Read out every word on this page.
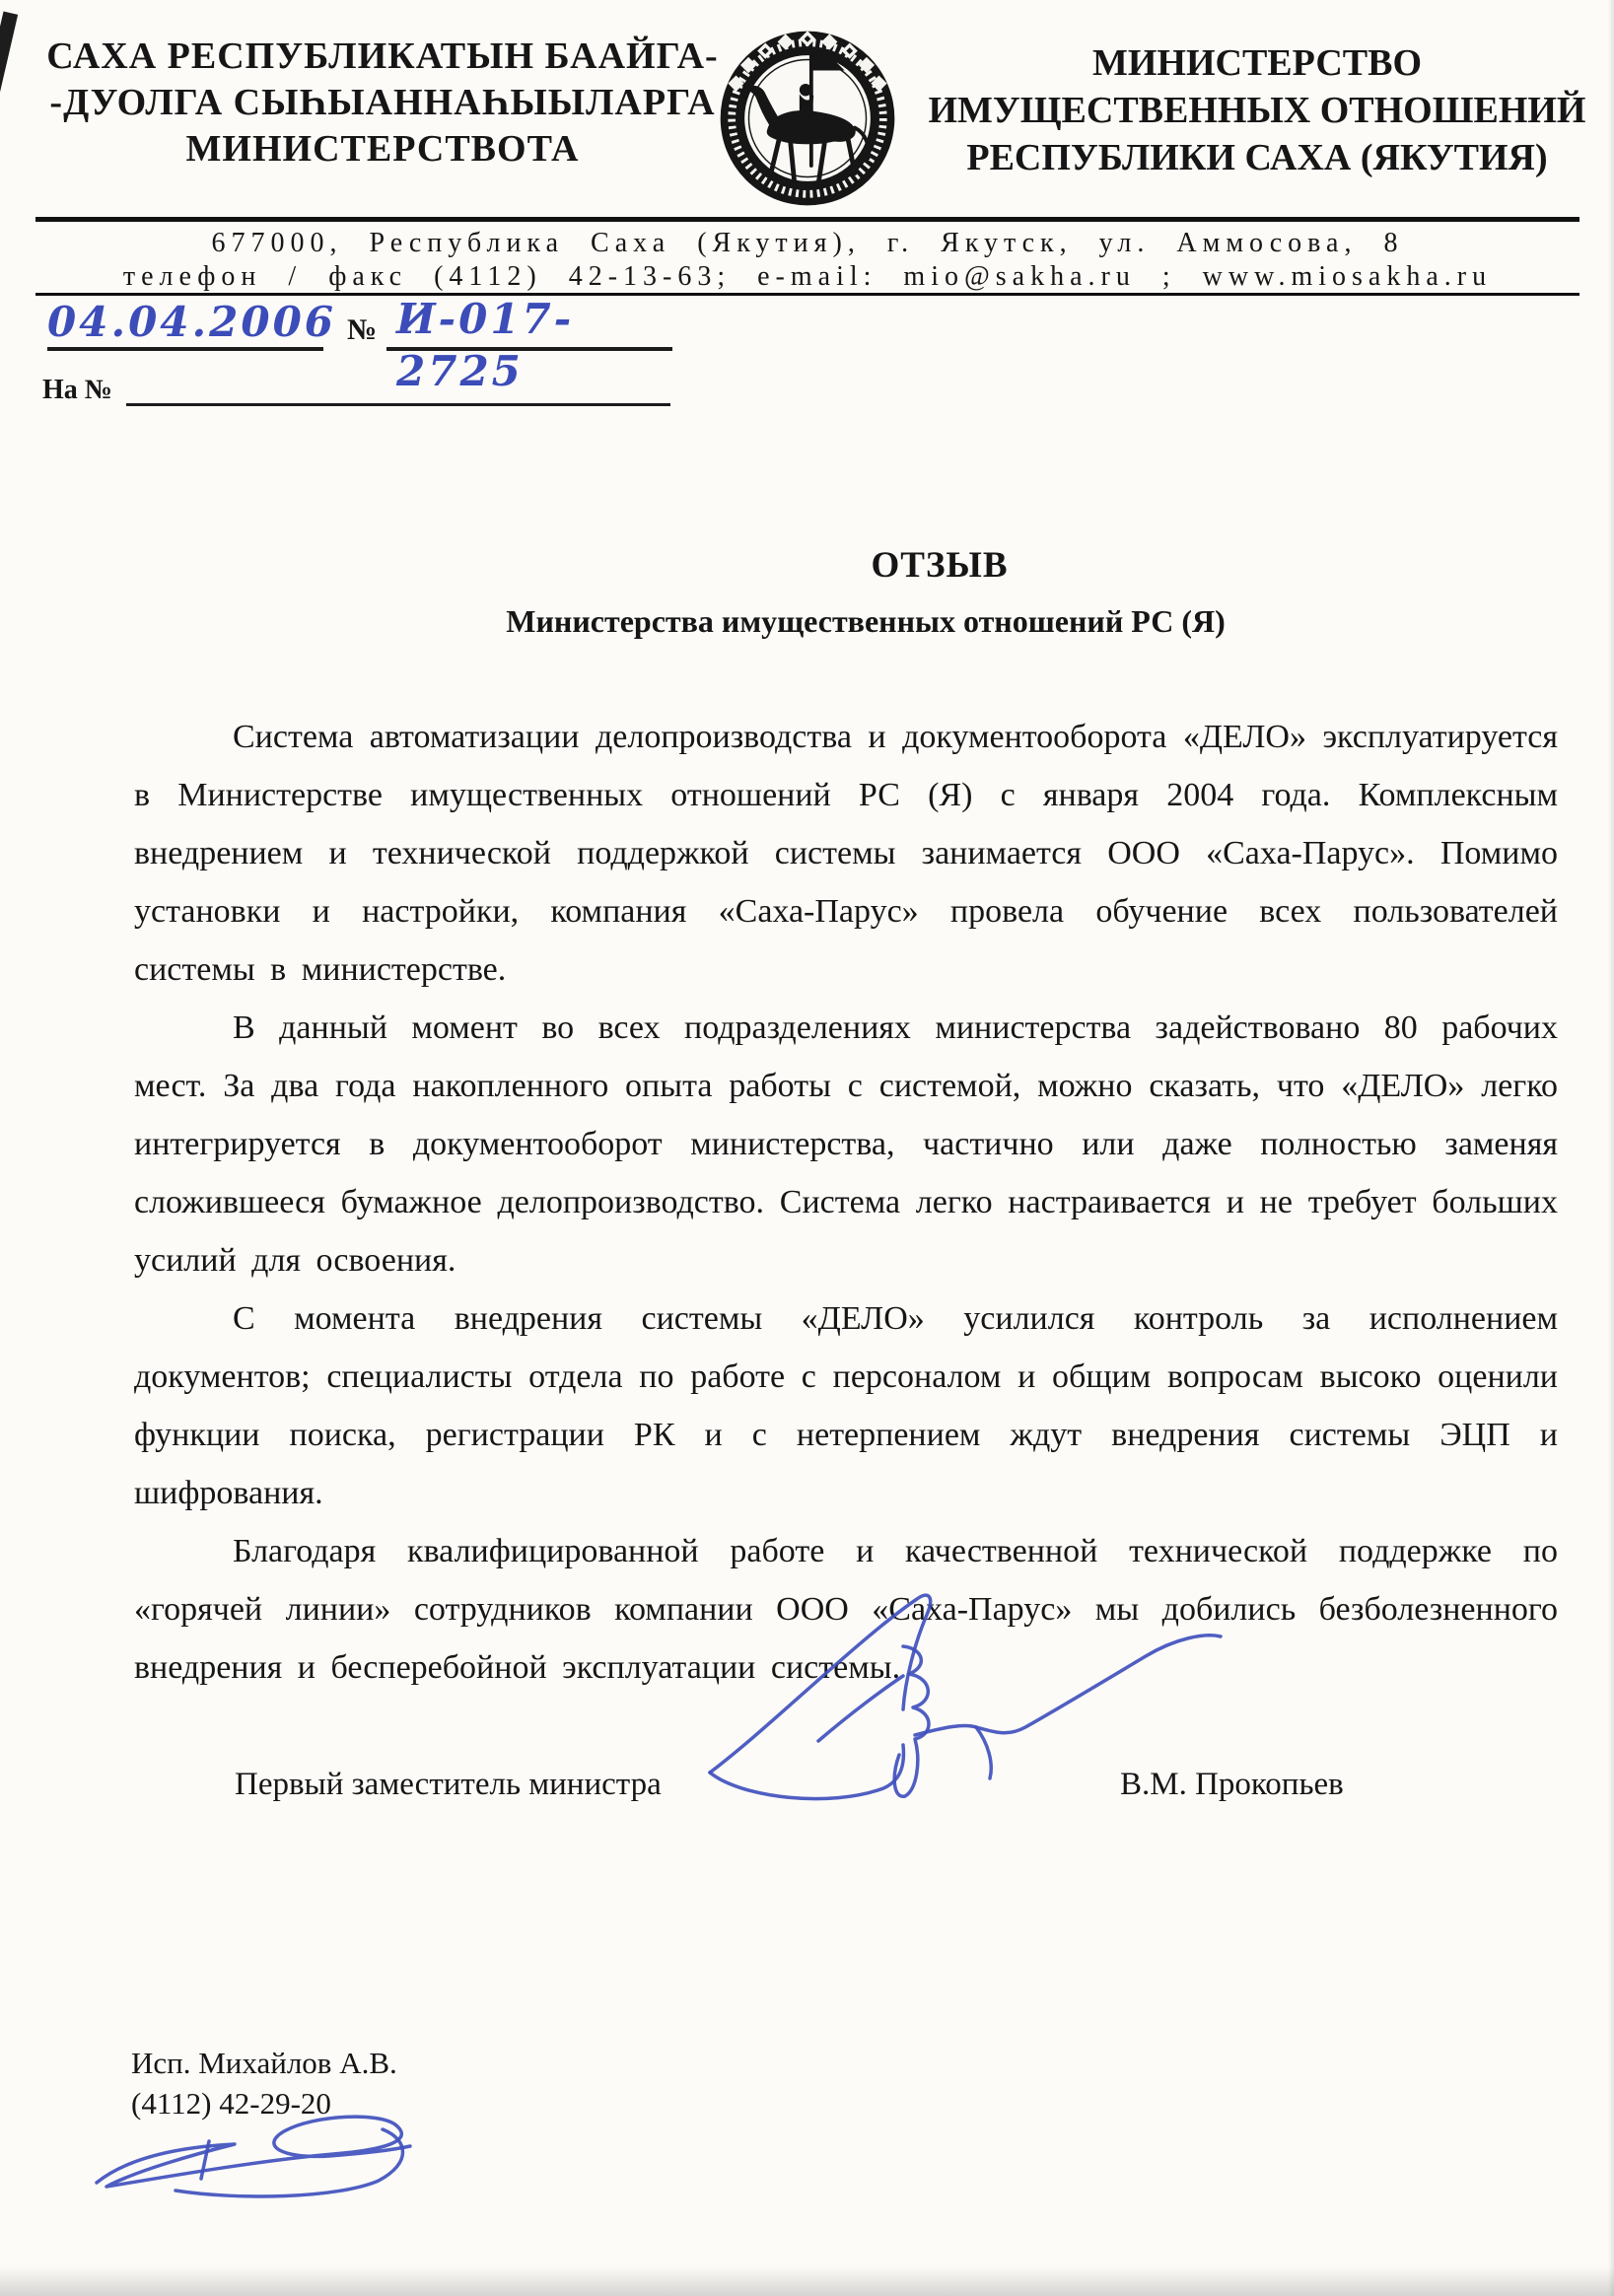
САХА РЕСПУБЛИКАТЫН БААЙГА-
-ДУОЛГА СЫҺЫАННАҺЫЫЛАРГА
МИНИСТЕРСТВОТА
МИНИСТЕРСТВО
ИМУЩЕСТВЕННЫХ ОТНОШЕНИЙ
РЕСПУБЛИКИ САХА (ЯКУТИЯ)
677000, Республика Саха (Якутия), г. Якутск, ул. Аммосова, 8
телефон / факс (4112) 42-13-63; e-mail: mio@sakha.ru ; www.miosakha.ru
04.04.2006 № И-017-2725
На №
ОТЗЫВ
Министерства имущественных отношений РС (Я)

Система автоматизации делопроизводства и документооборота «ДЕЛО» эксплуатируется в Министерстве имущественных отношений РС (Я) с января 2004 года. Комплексным внедрением и технической поддержкой системы занимается ООО «Саха-Парус». Помимо установки и настройки, компания «Саха-Парус» провела обучение всех пользователей системы в министерстве.

В данный момент во всех подразделениях министерства задействовано 80 рабочих мест. За два года накопленного опыта работы с системой, можно сказать, что «ДЕЛО» легко интегрируется в документооборот министерства, частично или даже полностью заменяя сложившееся бумажное делопроизводство. Система легко настраивается и не требует больших усилий для освоения.

С момента внедрения системы «ДЕЛО» усилился контроль за исполнением документов; специалисты отдела по работе с персоналом и общим вопросам высоко оценили функции поиска, регистрации РК и с нетерпением ждут внедрения системы ЭЦП и шифрования.

Благодаря квалифицированной работе и качественной технической поддержке по «горячей линии» сотрудников компании ООО «Саха-Парус» мы добились безболезненного внедрения и бесперебойной эксплуатации системы.

Первый заместитель министра	В.М. Прокопьев
Исп. Михайлов А.В.
(4112) 42-29-20
